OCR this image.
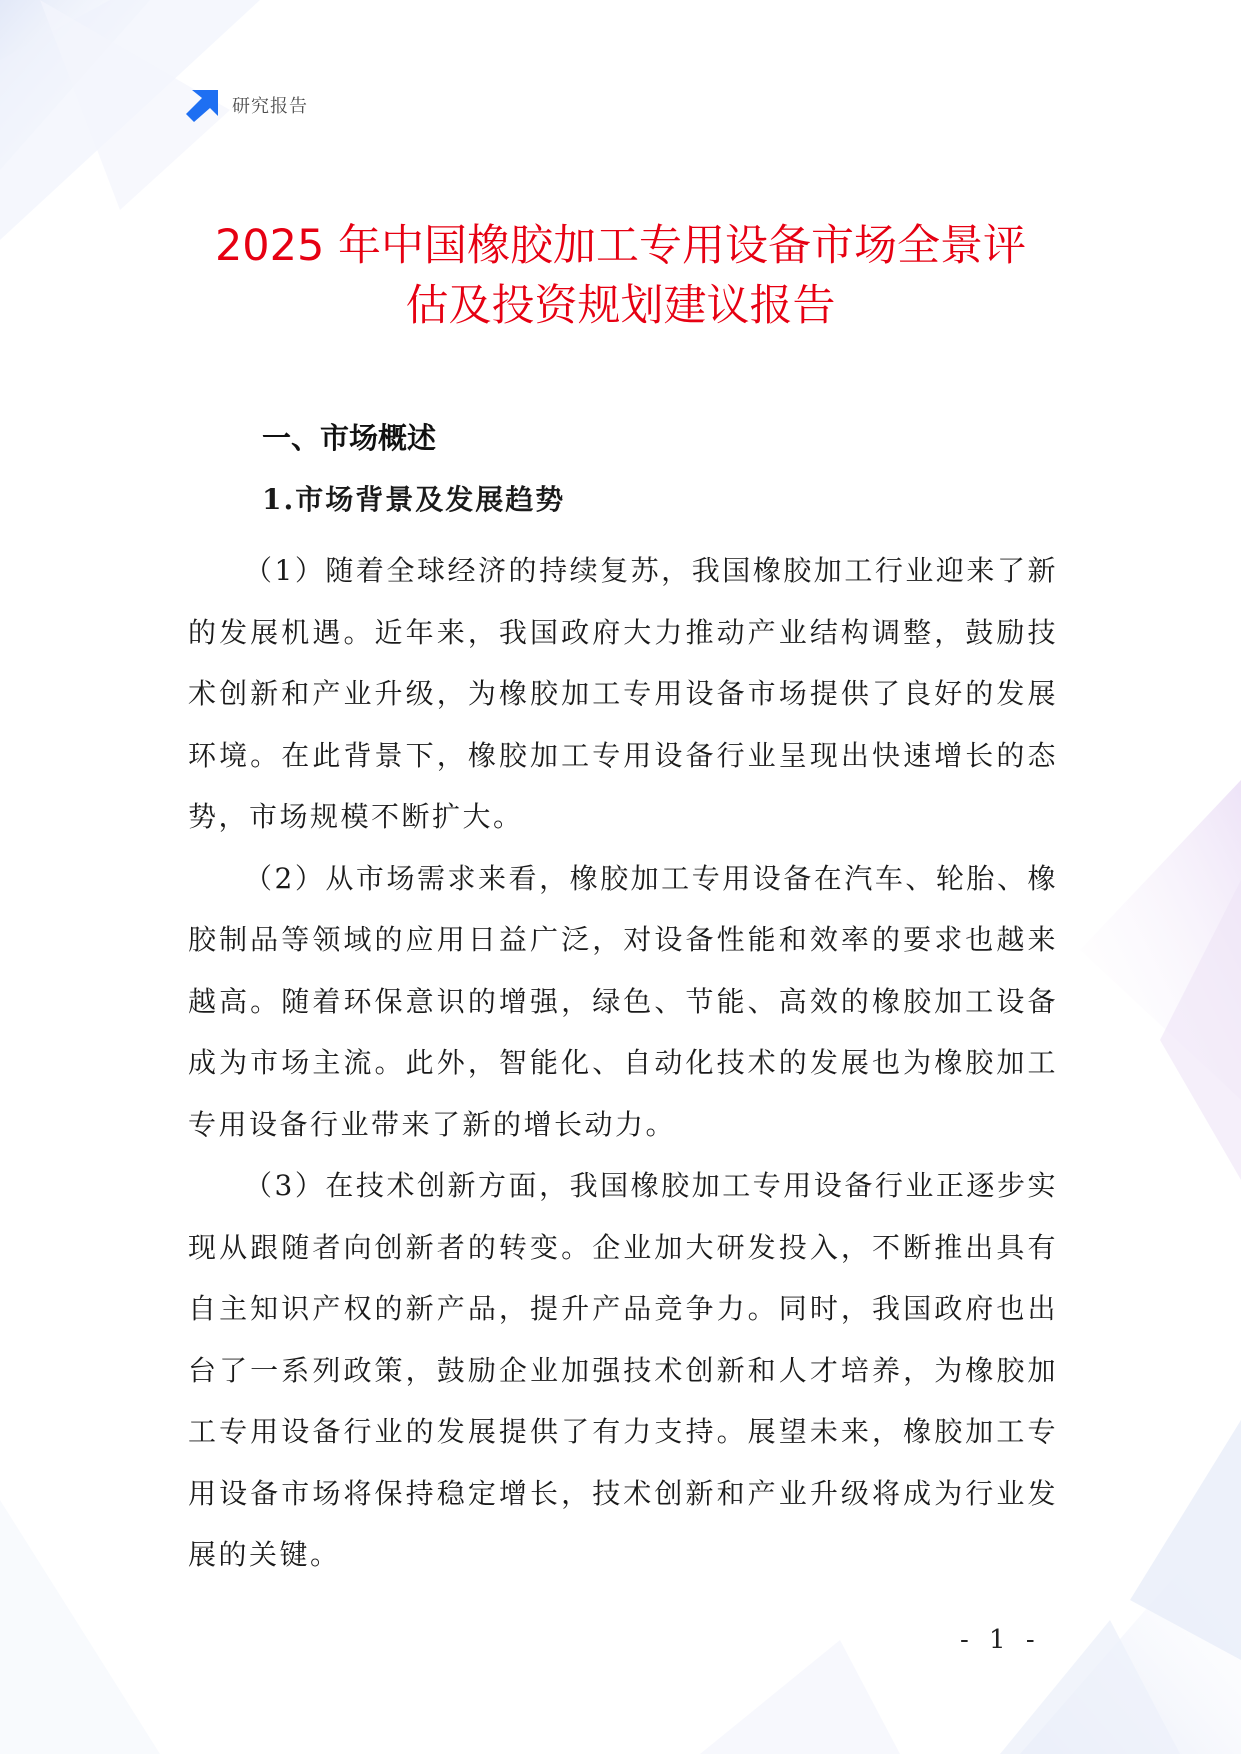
研究报告
2025 年中国橡胶加工专用设备市场全景评
估及投资规划建议报告
一、市场概述
1.市场背景及发展趋势

（1）随着全球经济的持续复苏，我国橡胶加工行业迎来了新的发展机遇。近年来，我国政府大力推动产业结构调整，鼓励技术创新和产业升级，为橡胶加工专用设备市场提供了良好的发展环境。在此背景下，橡胶加工专用设备行业呈现出快速增长的态势，市场规模不断扩大。

（2）从市场需求来看，橡胶加工专用设备在汽车、轮胎、橡胶制品等领域的应用日益广泛，对设备性能和效率的要求也越来越高。随着环保意识的增强，绿色、节能、高效的橡胶加工设备成为市场主流。此外，智能化、自动化技术的发展也为橡胶加工专用设备行业带来了新的增长动力。

（3）在技术创新方面，我国橡胶加工专用设备行业正逐步实现从跟随者向创新者的转变。企业加大研发投入，不断推出具有自主知识产权的新产品，提升产品竞争力。同时，我国政府也出台了一系列政策，鼓励企业加强技术创新和人才培养，为橡胶加工专用设备行业的发展提供了有力支持。展望未来，橡胶加工专用设备市场将保持稳定增长，技术创新和产业升级将成为行业发展的关键。

- 1 -
